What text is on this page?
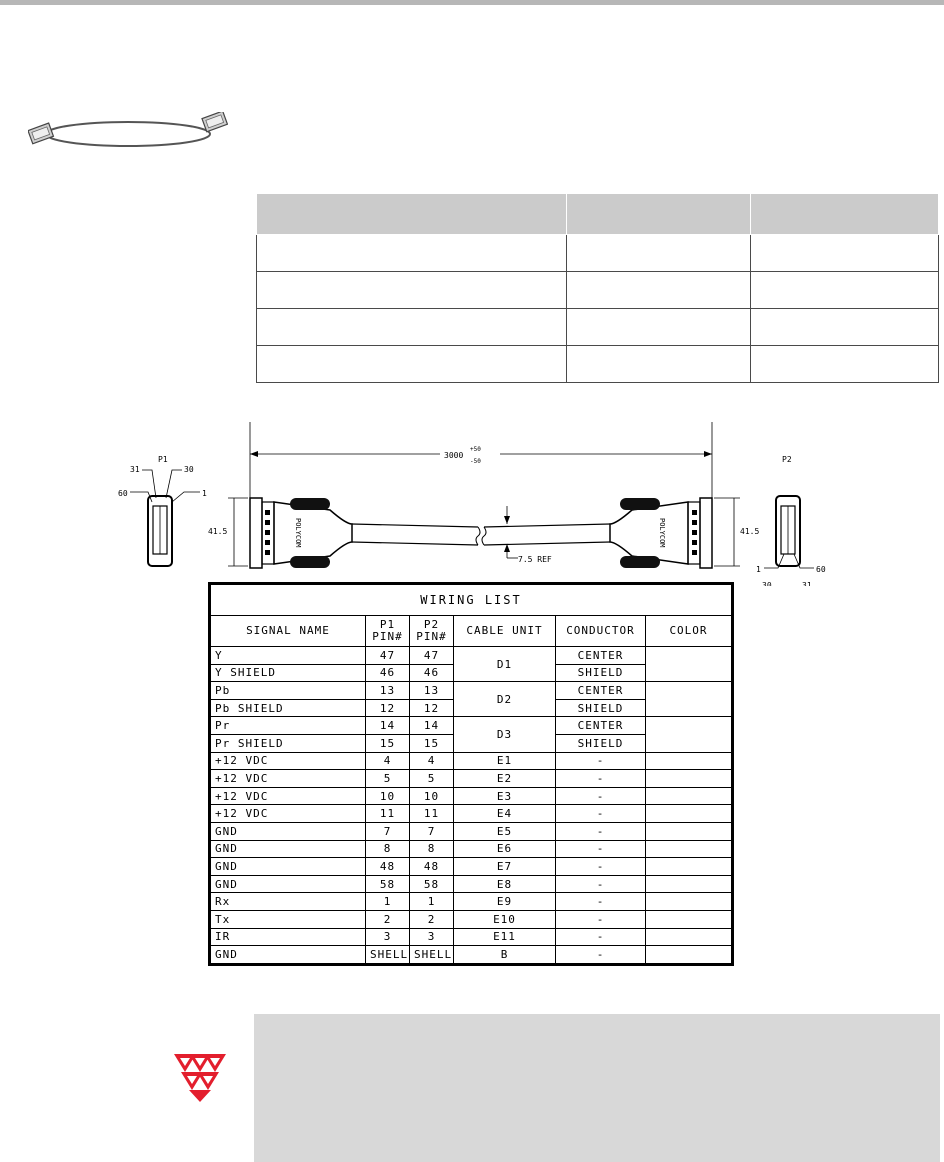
P1
31	30
60	1
41.5
3000
+50
-50
POLYCOM
7.5 REF
POLYCOM	41.5
P2
1	60
30	31
WIRING LIST					
SIGNAL NAME	P1 PIN#	P2 PIN#	CABLE UNIT	CONDUCTOR	COLOR
Y	47	47	D1	CENTER	
Y SHIELD	46	46		SHIELD	
Pb	13	13	D2	CENTER	
Pb SHIELD	12	12		SHIELD	
Pr	14	14	D3	CENTER	
Pr SHIELD	15	15		SHIELD	
+12 VDC	4	4	E1	-	
+12 VDC	5	5	E2	-	
+12 VDC	10	10	E3	-	
+12 VDC	11	11	E4	-	
GND	7	7	E5	-	
GND	8	8	E6	-	
GND	48	48	E7	-	
GND	58	58	E8	-	
Rx	1	1	E9	-	
Tx	2	2	E10	-	
IR	3	3	E11	-	
GND	SHELL	SHELL	B	-	
